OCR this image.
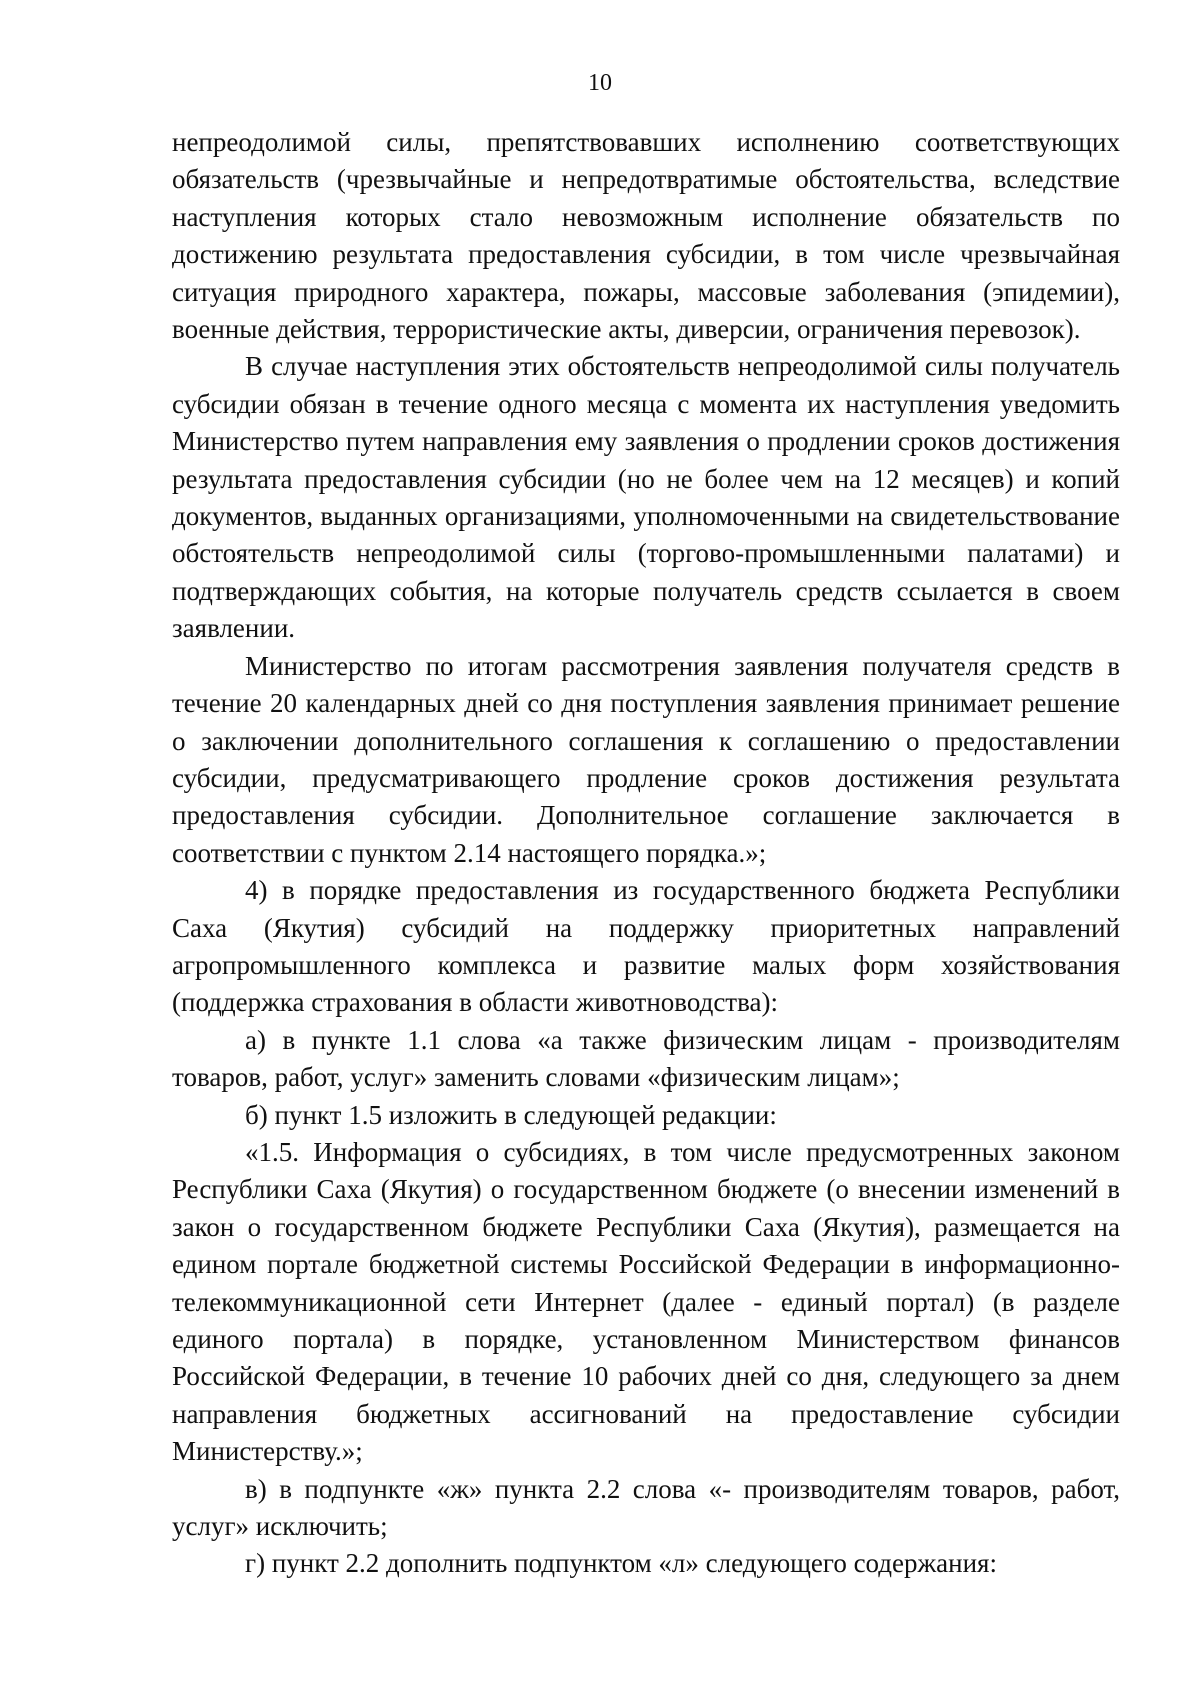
10

непреодолимой силы, препятствовавших исполнению соответствующих обязательств (чрезвычайные и непредотвратимые обстоятельства, вследствие наступления которых стало невозможным исполнение обязательств по достижению результата предоставления субсидии, в том числе чрезвычайная ситуация природного характера, пожары, массовые заболевания (эпидемии), военные действия, террористические акты, диверсии, ограничения перевозок).

В случае наступления этих обстоятельств непреодолимой силы получатель субсидии обязан в течение одного месяца с момента их наступления уведомить Министерство путем направления ему заявления о продлении сроков достижения результата предоставления субсидии (но не более чем на 12 месяцев) и копий документов, выданных организациями, уполномоченными на свидетельствование обстоятельств непреодолимой силы (торгово-промышленными палатами) и подтверждающих события, на которые получатель средств ссылается в своем заявлении.

Министерство по итогам рассмотрения заявления получателя средств в течение 20 календарных дней со дня поступления заявления принимает решение о заключении дополнительного соглашения к соглашению о предоставлении субсидии, предусматривающего продление сроков достижения результата предоставления субсидии. Дополнительное соглашение заключается в соответствии с пунктом 2.14 настоящего порядка.»;

4) в порядке предоставления из государственного бюджета Республики Саха (Якутия) субсидий на поддержку приоритетных направлений агропромышленного комплекса и развитие малых форм хозяйствования (поддержка страхования в области животноводства):

а) в пункте 1.1 слова «а также физическим лицам - производителям товаров, работ, услуг» заменить словами «физическим лицам»;

б) пункт 1.5 изложить в следующей редакции:

«1.5. Информация о субсидиях, в том числе предусмотренных законом Республики Саха (Якутия) о государственном бюджете (о внесении изменений в закон о государственном бюджете Республики Саха (Якутия), размещается на едином портале бюджетной системы Российской Федерации в информационно-телекоммуникационной сети Интернет (далее - единый портал) (в разделе единого портала) в порядке, установленном Министерством финансов Российской Федерации, в течение 10 рабочих дней со дня, следующего за днем направления бюджетных ассигнований на предоставление субсидии Министерству.»;

в) в подпункте «ж» пункта 2.2 слова «- производителям товаров, работ, услуг» исключить;

г) пункт 2.2 дополнить подпунктом «л» следующего содержания:
